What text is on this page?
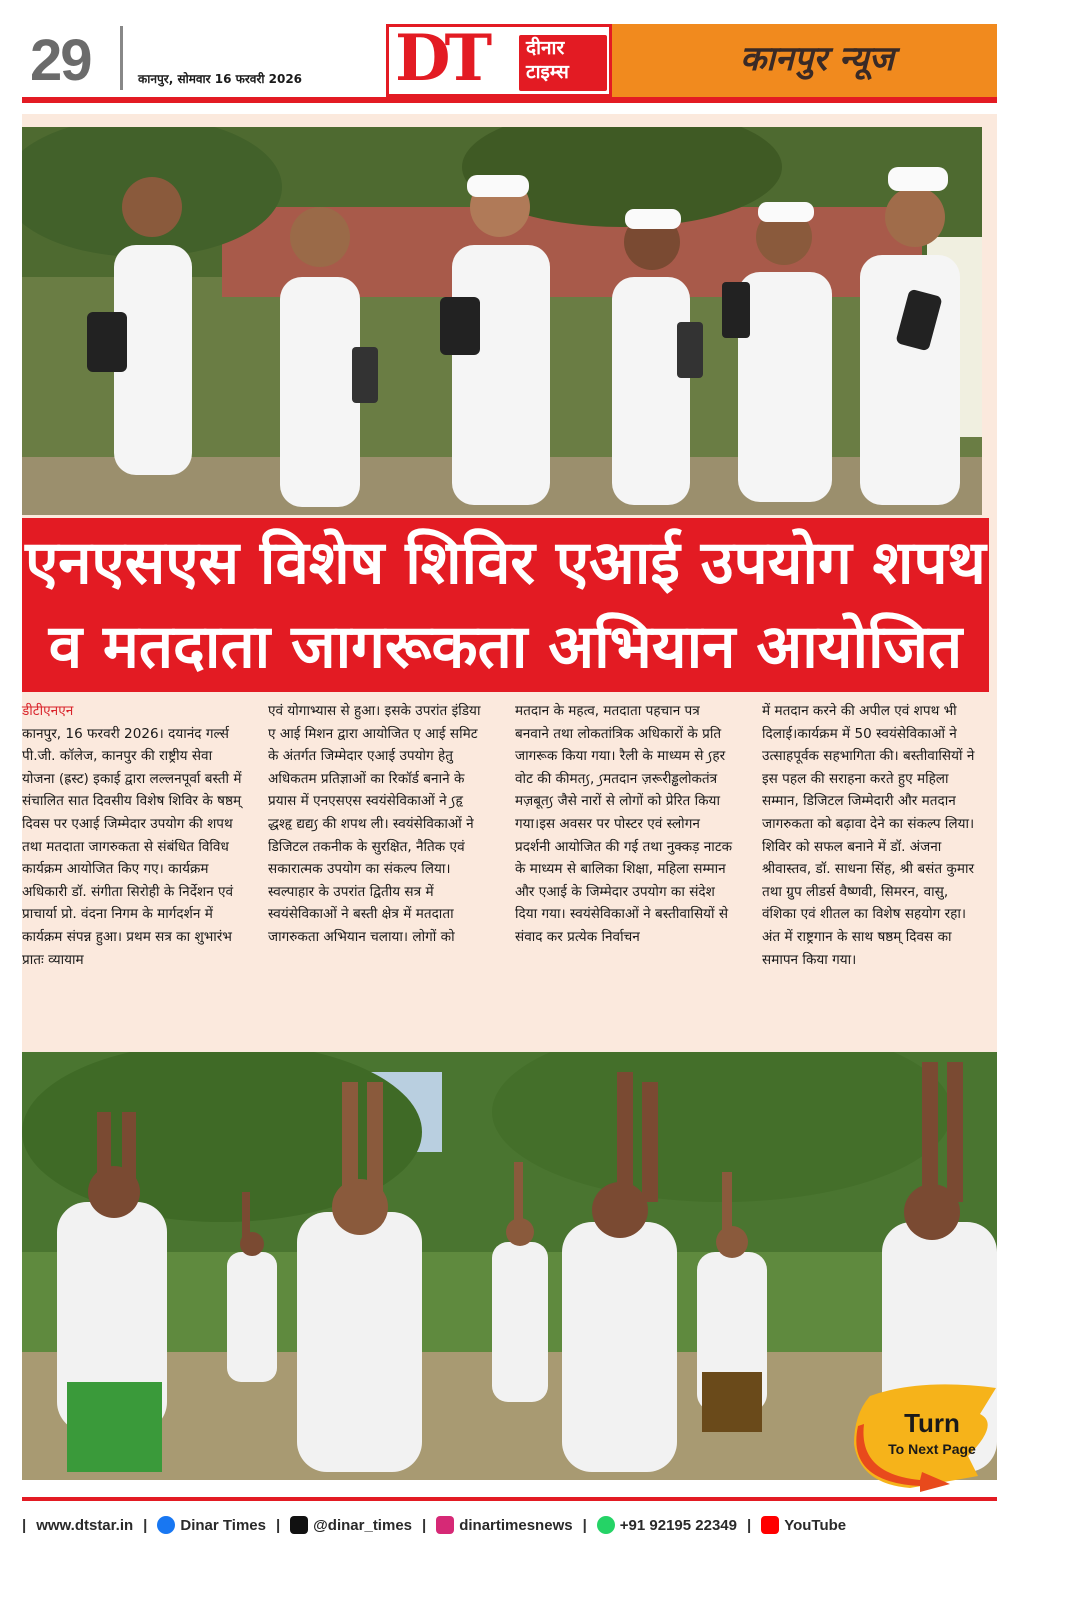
29	कानपुर, सोमवार 16 फरवरी 2026 DT दीनार
टाइम्स	कानपुर न्यूज
एनएसएस विशेष शिविर एआई उपयोग शपथ
व मतदाता जागरूकता अभियान आयोजित

डीटीएनएन

कानपुर, 16 फरवरी 2026। दयानंद गर्ल्स पी.जी. कॉलेज, कानपुर की राष्ट्रीय सेवा योजना (ह्रस्ट) इकाई द्वारा लल्लनपूर्वा बस्ती में संचालित सात दिवसीय विशेष शिविर के षष्ठम् दिवस पर एआई जिम्मेदार उपयोग की शपथ तथा मतदाता जागरुकता से संबंधित विविध कार्यक्रम आयोजित किए गए। कार्यक्रम अधिकारी डॉ. संगीता सिरोही के निर्देशन एवं प्राचार्या प्रो. वंदना निगम के मार्गदर्शन में कार्यक्रम संपन्न हुआ। प्रथम सत्र का शुभारंभ प्रातः व्यायाम

एवं योगाभ्यास से हुआ। इसके उपरांत इंडिया ए आई मिशन द्वारा आयोजित ए आई समिट के अंतर्गत जिम्मेदार एआई उपयोग हेतु अधिकतम प्रतिज्ञाओं का रिकॉर्ड बनाने के प्रयास में एनएसएस स्वयंसेविकाओं ने ꠹हृ द्धश्हृ द्यद्य꠹ की शपथ ली। स्वयंसेविकाओं ने डिजिटल तकनीक के सुरक्षित, नैतिक एवं सकारात्मक उपयोग का संकल्प लिया। स्वल्पाहार के उपरांत द्वितीय सत्र में स्वयंसेविकाओं ने बस्ती क्षेत्र में मतदाता जागरुकता अभियान चलाया। लोगों को

मतदान के महत्व, मतदाता पहचान पत्र बनवाने तथा लोकतांत्रिक अधिकारों के प्रति जागरूक किया गया। रैली के माध्यम से ꠹हर वोट की कीमत꠹, ꠹मतदान ज़रूरीड्ढलोकतंत्र मज़बूत꠹ जैसे नारों से लोगों को प्रेरित किया गया।इस अवसर पर पोस्टर एवं स्लोगन प्रदर्शनी आयोजित की गई तथा नुक्कड़ नाटक के माध्यम से बालिका शिक्षा, महिला सम्मान और एआई के जिम्मेदार उपयोग का संदेश दिया गया। स्वयंसेविकाओं ने बस्तीवासियों से संवाद कर प्रत्येक निर्वाचन

में मतदान करने की अपील एवं शपथ भी दिलाई।कार्यक्रम में 50 स्वयंसेविकाओं ने उत्साहपूर्वक सहभागिता की। बस्तीवासियों ने इस पहल की सराहना करते हुए महिला सम्मान, डिजिटल जिम्मेदारी और मतदान जागरुकता को बढ़ावा देने का संकल्प लिया। शिविर को सफल बनाने में डॉ. अंजना श्रीवास्तव, डॉ. साधना सिंह, श्री बसंत कुमार तथा ग्रुप लीडर्स वैष्णवी, सिमरन, वासु, वंशिका एवं शीतल का विशेष सहयोग रहा। अंत में राष्ट्रगान के साथ षष्ठम् दिवस का समापन किया गया।

Turn
To Next Page
| www.dtstar.in | Dinar Times | @dinar_times | dinartimesnews | +91 92195 22349 | YouTube
